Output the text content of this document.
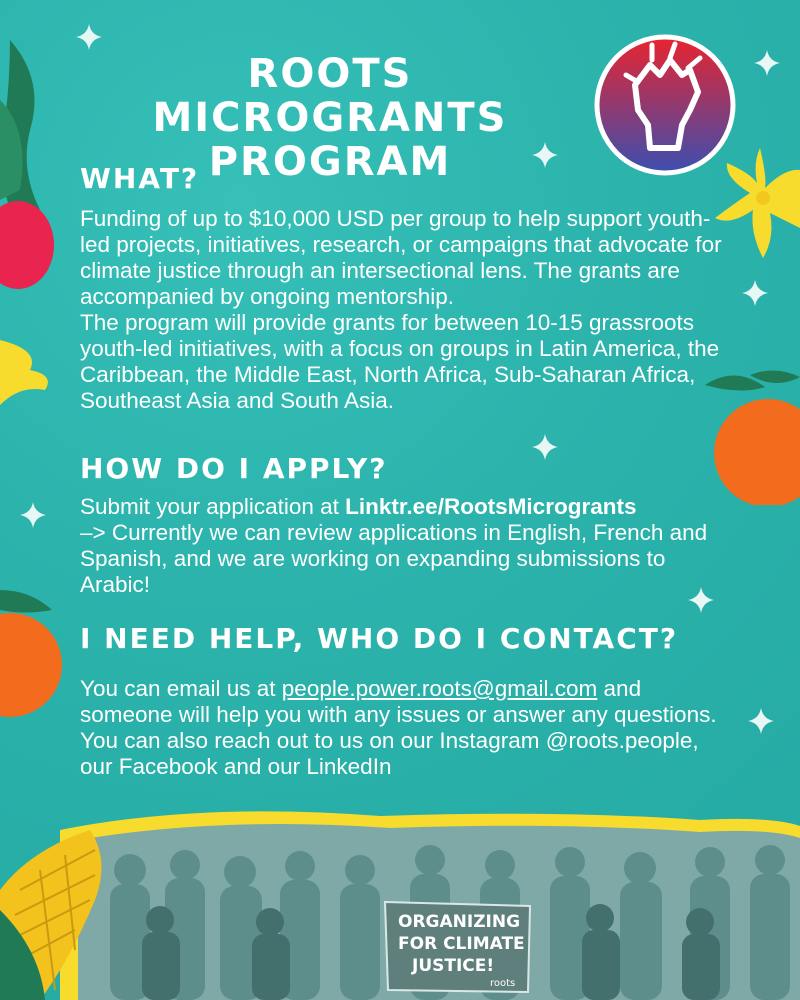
ROOTS MICROGRANTS
PROGRAM
WHAT?

Funding of up to $10,000 USD per group to help support youth-led projects, initiatives, research, or campaigns that advocate for climate justice through an intersectional lens. The grants are accompanied by ongoing mentorship.

The program will provide grants for between 10-15 grassroots youth-led initiatives, with a focus on groups in Latin America, the Caribbean, the Middle East, North Africa, Sub-Saharan Africa, Southeast Asia and South Asia.

HOW DO I APPLY?

Submit your application at Linktr.ee/RootsMicrogrants

–> Currently we can review applications in English, French and Spanish, and we are working on expanding submissions to Arabic!

I NEED HELP, WHO DO I CONTACT?

You can email us at people.power.roots@gmail.com and someone will help you with any issues or answer any questions. You can also reach out to us on our Instagram @roots.people, our Facebook and our LinkedIn

ORGANIZING
FOR CLIMATE
JUSTICE!
roots
